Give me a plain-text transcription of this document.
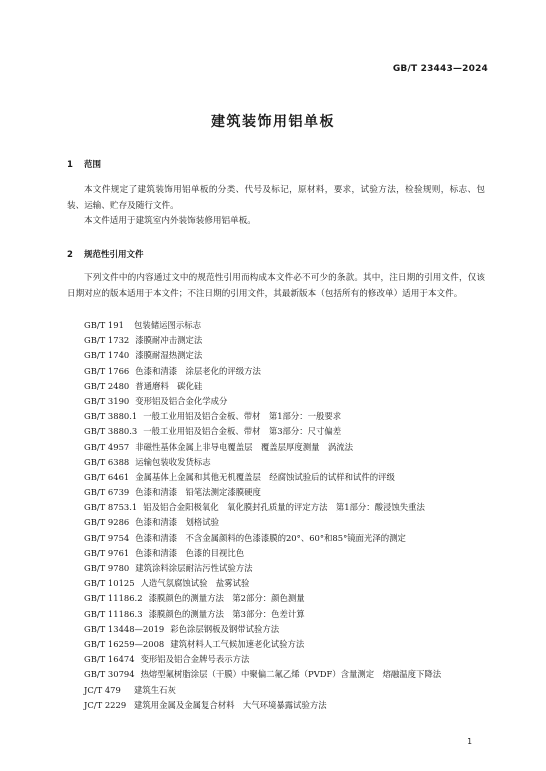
GB/T 23443—2024
建筑装饰用铝单板
1 范围
本文件规定了建筑装饰用铝单板的分类、代号及标记，原材料，要求，试验方法，检验规则，标志、包装、运输、贮存及随行文件。
本文件适用于建筑室内外装饰装修用铝单板。
2 规范性引用文件
下列文件中的内容通过文中的规范性引用而构成本文件必不可少的条款。其中，注日期的引用文件，仅该日期对应的版本适用于本文件；不注日期的引用文件，其最新版本（包括所有的修改单）适用于本文件。
GB/T 191 包装储运图示标志
GB/T 1732 漆膜耐冲击测定法
GB/T 1740 漆膜耐湿热测定法
GB/T 1766 色漆和清漆　涂层老化的评级方法
GB/T 2480 普通磨料　碳化硅
GB/T 3190 变形铝及铝合金化学成分
GB/T 3880.1 一般工业用铝及铝合金板、带材　第1部分：一般要求
GB/T 3880.3 一般工业用铝及铝合金板、带材　第3部分：尺寸偏差
GB/T 4957 非磁性基体金属上非导电覆盖层　覆盖层厚度测量　涡流法
GB/T 6388 运输包装收发货标志
GB/T 6461 金属基体上金属和其他无机覆盖层　经腐蚀试验后的试样和试件的评级
GB/T 6739 色漆和清漆　铅笔法测定漆膜硬度
GB/T 8753.1 铝及铝合金阳极氧化　氧化膜封孔质量的评定方法　第1部分：酸浸蚀失重法
GB/T 9286 色漆和清漆　划格试验
GB/T 9754 色漆和清漆　不含金属颜料的色漆漆膜的20°、60°和85°镜面光泽的测定
GB/T 9761 色漆和清漆　色漆的目视比色
GB/T 9780 建筑涂料涂层耐沾污性试验方法
GB/T 10125 人造气氛腐蚀试验　盐雾试验
GB/T 11186.2 漆膜颜色的测量方法　第2部分：颜色测量
GB/T 11186.3 漆膜颜色的测量方法　第3部分：色差计算
GB/T 13448—2019 彩色涂层钢板及钢带试验方法
GB/T 16259—2008 建筑材料人工气候加速老化试验方法
GB/T 16474 变形铝及铝合金牌号表示方法
GB/T 30794 热熔型氟树脂涂层（干膜）中聚偏二氟乙烯（PVDF）含量测定　熔融温度下降法
JC/T 479 建筑生石灰
JC/T 2229 建筑用金属及金属复合材料　大气环境暴露试验方法
1
